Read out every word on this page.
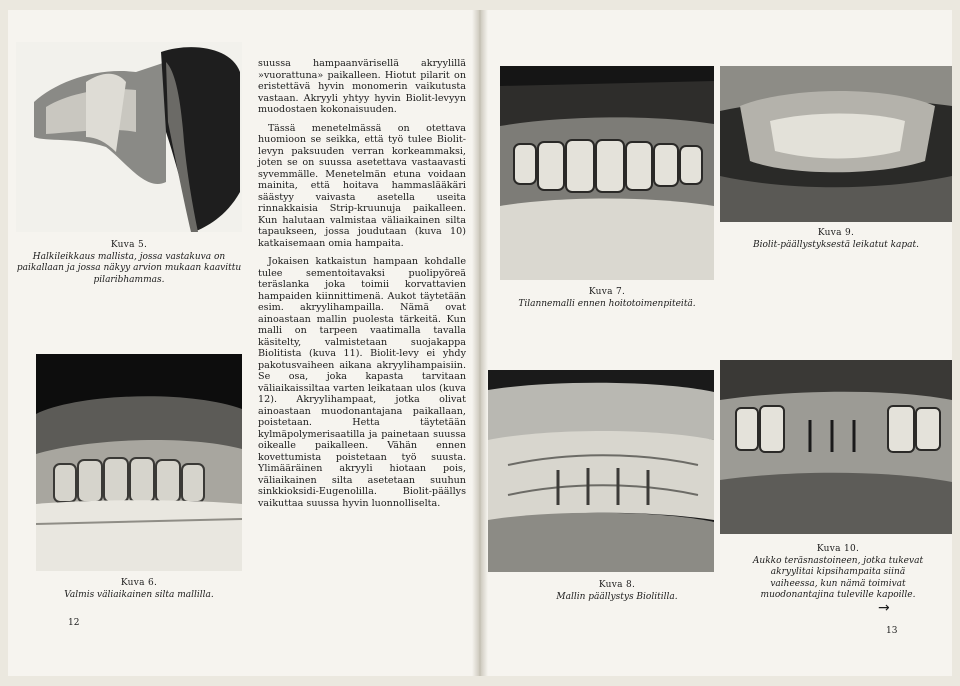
Kuva 5.
Halkileikkaus mallista, jossa vastakuva on paikallaan ja jossa näkyy arvion mukaan kaavittu pilaribhammas.
Kuva 6.
Valmis väliaikainen silta mallilla.

suussa hampaanvärisellä akryylillä »vuorattuna» paikalleen. Hiotut pilarit on eristettävä hyvin monomerin vaikutusta vastaan. Akryyli yhtyy hyvin Biolit-levyyn muodostaen kokonaisuuden.

Tässä menetelmässä on otettava huomioon se seikka, että työ tulee Biolit-levyn paksuuden verran korkeammaksi, joten se on suussa asetettava vastaavasti syvemmälle. Menetelmän etuna voidaan mainita, että hoitava hammaslääkäri säästyy vaivasta asetella useita rinnakkaisia Strip-kruunuja paikalleen. Kun halutaan valmistaa väliaikainen silta tapaukseen, jossa joudutaan (kuva 10) katkaisemaan omia hampaita.

Jokaisen katkaistun hampaan kohdalle tulee sementoitavaksi puolipyöreä teräslanka joka toimii korvattavien hampaiden kiinnittimenä. Aukot täytetään esim. akryylihampailla. Nämä ovat ainoastaan mallin puolesta tärkeitä. Kun malli on tarpeen vaatimalla tavalla käsitelty, valmistetaan suojakappa Biolitista (kuva 11). Biolit-levy ei yhdy pakotusvaiheen aikana akryylihampaisiin. Se osa, joka kapasta tarvitaan väliaikaissiltaa varten leikataan ulos (kuva 12). Akryylihampaat, jotka olivat ainoastaan muodonantajana paikallaan, poistetaan. Hetta täytetään kylmäpolymerisaatilla ja painetaan suussa oikealle paikalleen. Vähän ennen kovettumista poistetaan työ suusta. Ylimääräinen akryyli hiotaan pois, väliaikainen silta asetetaan suuhun sinkkioksidi-Eugenolilla. Biolit-päällys vaikuttaa suussa hyvin luonnolliselta.

12
Kuva 7.
Tilannemalli ennen hoitotoimenpiteitä.
Kuva 9.
Biolit-päällystyksestä leikatut kapat.
Kuva 8.
Mallin päällystys Biolitilla.
Kuva 10.
Aukko teräsnastoineen, jotka tukevat akryylitai kipsihampaita siinä vaiheessa, kun nämä toimivat muodonantajina tuleville kapoille.
→
13
